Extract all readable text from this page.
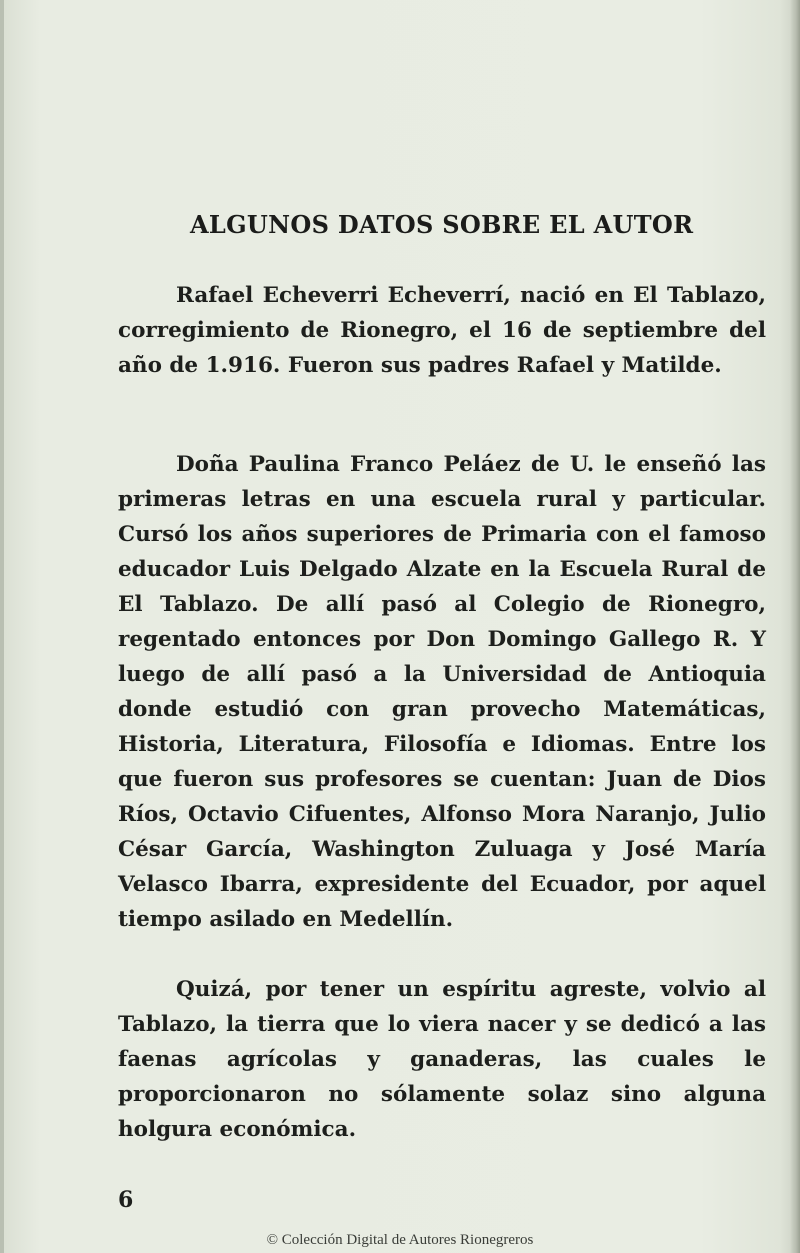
ALGUNOS DATOS SOBRE EL AUTOR

Rafael Echeverri Echeverrí, nació en El Tablazo, corregimiento de Rionegro, el 16 de septiembre del año de 1.916. Fueron sus padres Rafael y Matilde.

Doña Paulina Franco Peláez de U. le enseñó las primeras letras en una escuela rural y particular. Cursó los años superiores de Primaria con el famoso educador Luis Delgado Alzate en la Escuela Rural de El Tablazo. De allí pasó al Colegio de Rionegro, regentado entonces por Don Domingo Gallego R. Y luego de allí pasó a la Universidad de Antioquia donde estudió con gran provecho Matemáticas, Historia, Literatura, Filosofía e Idiomas. Entre los que fueron sus profesores se cuentan: Juan de Dios Ríos, Octavio Cifuentes, Alfonso Mora Naranjo, Julio César García, Washington Zuluaga y José María Velasco Ibarra, expresidente del Ecuador, por aquel tiempo asilado en Medellín.

Quizá, por tener un espíritu agreste, volvio al Tablazo, la tierra que lo viera nacer y se dedicó a las faenas agrícolas y ganaderas, las cuales le proporcionaron no sólamente solaz sino alguna holgura económica.

6
© Colección Digital de Autores Rionegreros
